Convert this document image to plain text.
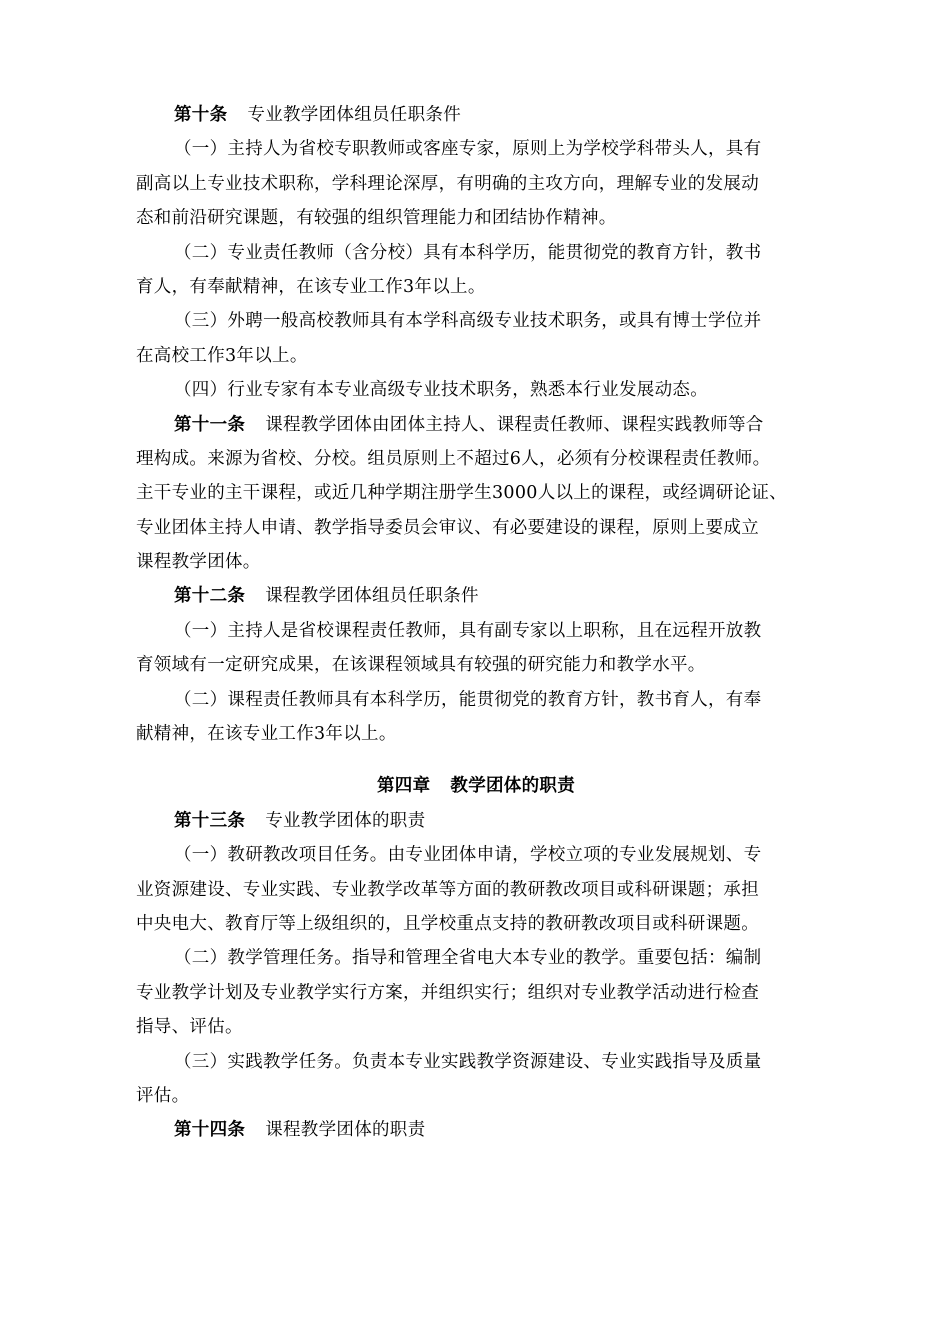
第十条 专业教学团体组员任职条件
（一）主持人为省校专职教师或客座专家，原则上为学校学科带头人，具有
副高以上专业技术职称，学科理论深厚，有明确的主攻方向，理解专业的发展动
态和前沿研究课题，有较强的组织管理能力和团结协作精神。
（二）专业责任教师（含分校）具有本科学历，能贯彻党的教育方针，教书
育人，有奉献精神，在该专业工作3年以上。
（三）外聘一般高校教师具有本学科高级专业技术职务，或具有博士学位并
在高校工作3年以上。
（四）行业专家有本专业高级专业技术职务，熟悉本行业发展动态。
第十一条 课程教学团体由团体主持人、课程责任教师、课程实践教师等合
理构成。来源为省校、分校。组员原则上不超过6人，必须有分校课程责任教师。
主干专业的主干课程，或近几种学期注册学生3000人以上的课程，或经调研论证、
专业团体主持人申请、教学指导委员会审议、有必要建设的课程，原则上要成立
课程教学团体。
第十二条 课程教学团体组员任职条件
（一）主持人是省校课程责任教师，具有副专家以上职称，且在远程开放教
育领域有一定研究成果，在该课程领域具有较强的研究能力和教学水平。
（二）课程责任教师具有本科学历，能贯彻党的教育方针，教书育人，有奉
献精神，在该专业工作3年以上。
第四章 教学团体的职责
第十三条 专业教学团体的职责
（一）教研教改项目任务。由专业团体申请，学校立项的专业发展规划、专
业资源建设、专业实践、专业教学改革等方面的教研教改项目或科研课题；承担
中央电大、教育厅等上级组织的，且学校重点支持的教研教改项目或科研课题。
（二）教学管理任务。指导和管理全省电大本专业的教学。重要包括：编制
专业教学计划及专业教学实行方案，并组织实行；组织对专业教学活动进行检查
指导、评估。
（三）实践教学任务。负责本专业实践教学资源建设、专业实践指导及质量
评估。
第十四条 课程教学团体的职责
